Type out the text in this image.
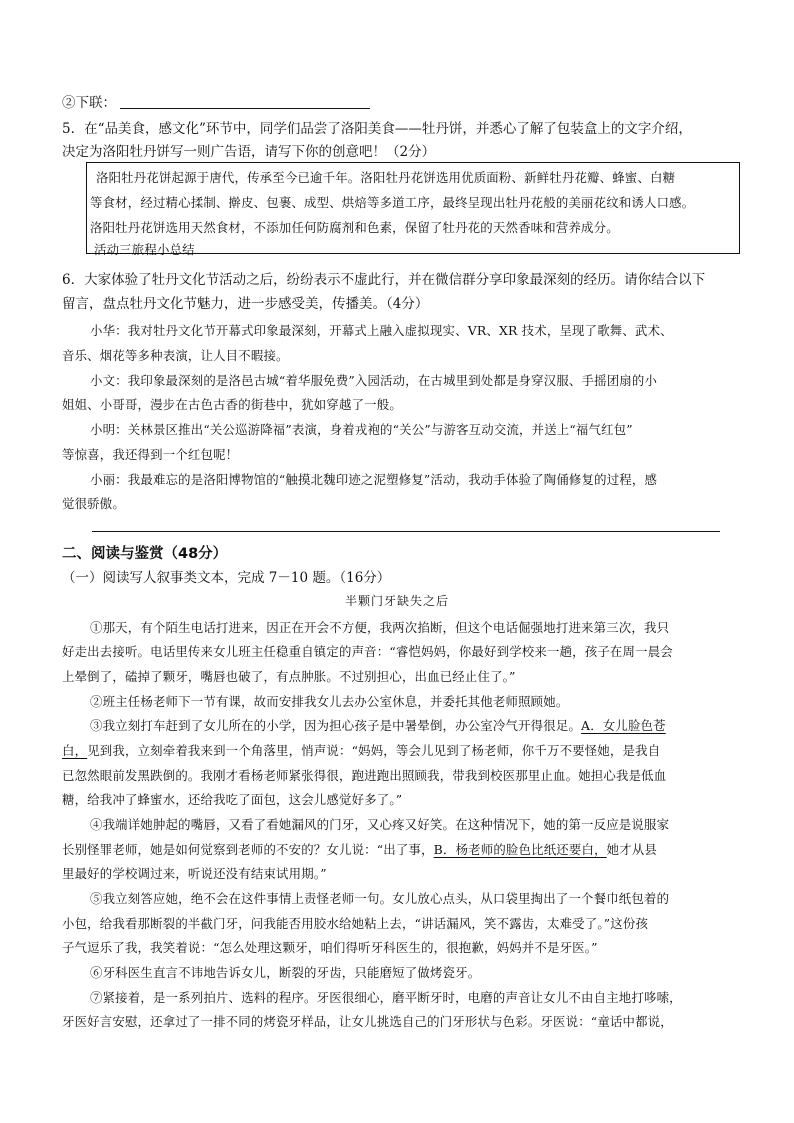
②下联：
5．在“品美食，感文化”环节中，同学们品尝了洛阳美食——牡丹饼，并悉心了解了包装盒上的文字介绍，
决定为洛阳牡丹饼写一则广告语，请写下你的创意吧！（2分）
洛阳牡丹花饼起源于唐代，传承至今已逾千年。洛阳牡丹花饼选用优质面粉、新鲜牡丹花瓣、蜂蜜、白糖
等食材，经过精心揉制、擀皮、包裹、成型、烘焙等多道工序，最终呈现出牡丹花般的美丽花纹和诱人口感。
洛阳牡丹花饼选用天然食材，不添加任何防腐剂和色素，保留了牡丹花的天然香味和营养成分。
活动三旅程小总结
6．大家体验了牡丹文化节活动之后，纷纷表示不虚此行，并在微信群分享印象最深刻的经历。请你结合以下
留言，盘点牡丹文化节魅力，进一步感受美，传播美。（4分）
小华：我对牡丹文化节开幕式印象最深刻，开幕式上融入虚拟现实、VR、XR 技术，呈现了歌舞、武术、
音乐、烟花等多种表演，让人目不暇接。
小文：我印象最深刻的是洛邑古城“着华服免费”入园活动，在古城里到处都是身穿汉服、手摇团扇的小
姐姐、小哥哥，漫步在古色古香的街巷中，犹如穿越了一般。
小明：关林景区推出“关公巡游降福”表演，身着戎袍的“关公”与游客互动交流，并送上“福气红包”
等惊喜，我还得到一个红包呢！
小丽：我最难忘的是洛阳博物馆的“触摸北魏印迹之泥塑修复”活动，我动手体验了陶俑修复的过程，感
觉很骄傲。
二、阅读与鉴赏（48分）
（一）阅读写人叙事类文本，完成 7－10 题。（16分）
半颗门牙缺失之后
①那天，有个陌生电话打进来，因正在开会不方便，我两次掐断，但这个电话倔强地打进来第三次，我只
好走出去接听。电话里传来女儿班主任稳重自镇定的声音：“睿恺妈妈，你最好到学校来一趟，孩子在周一晨会
上晕倒了，磕掉了颗牙，嘴唇也破了，有点肿胀。不过别担心，出血已经止住了。”
②班主任杨老师下一节有课，故而安排我女儿去办公室休息，并委托其他老师照顾她。
③我立刻打车赶到了女儿所在的小学，因为担心孩子是中暑晕倒，办公室冷气开得很足。A．女儿脸色苍
白，见到我，立刻牵着我来到一个角落里，悄声说：“妈妈，等会儿见到了杨老师，你千万不要怪她，是我自
已忽然眼前发黑跌倒的。我刚才看杨老师紧张得很，跑进跑出照顾我，带我到校医那里止血。她担心我是低血
糖，给我冲了蜂蜜水，还给我吃了面包，这会儿感觉好多了。”
④我端详她肿起的嘴唇，又看了看她漏风的门牙，又心疼又好笑。在这种情况下，她的第一反应是说服家
长别怪罪老师，她是如何觉察到老师的不安的？女儿说：“出了事，B．杨老师的脸色比纸还要白，她才从县
里最好的学校调过来，听说还没有结束试用期。”
⑤我立刻答应她，绝不会在这件事情上责怪老师一句。女儿放心点头，从口袋里掏出了一个餐巾纸包着的
小包，给我看那断裂的半截门牙，问我能否用胶水给她粘上去，“讲话漏风，笑不露齿，太难受了。”这份孩
子气逗乐了我，我笑着说：“怎么处理这颗牙，咱们得听牙科医生的，很抱歉，妈妈并不是牙医。”
⑥牙科医生直言不讳地告诉女儿，断裂的牙齿，只能磨短了做烤瓷牙。
⑦紧接着，是一系列拍片、选料的程序。牙医很细心，磨平断牙时，电磨的声音让女儿不由自主地打哆嗦，
牙医好言安慰，还拿过了一排不同的烤瓷牙样品，让女儿挑选自己的门牙形状与色彩。牙医说：“童话中都说，
